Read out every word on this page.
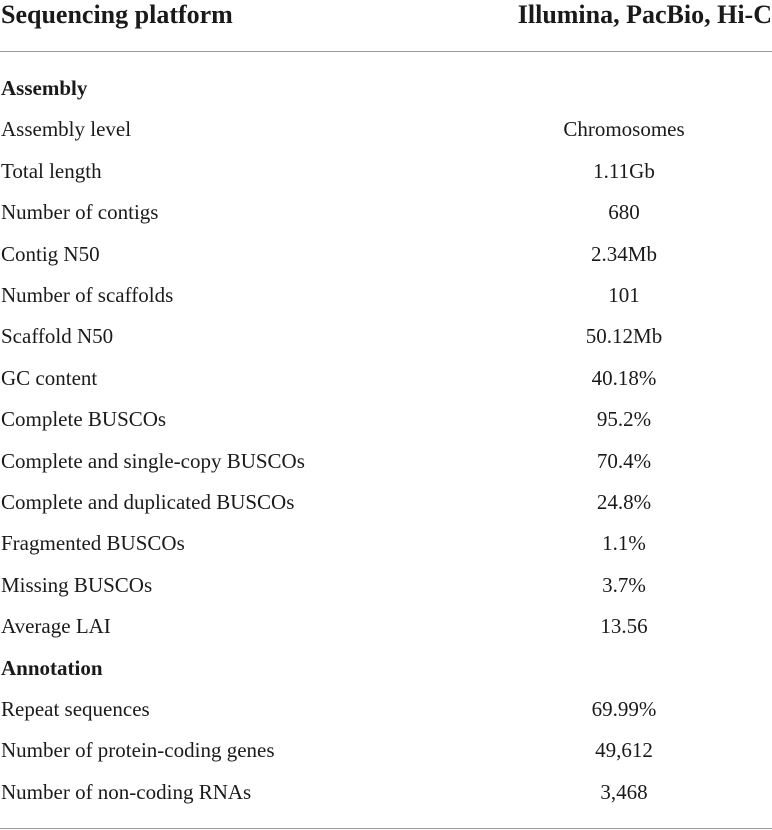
Sequencing platform	Illumina, PacBio, Hi-C
Assembly
Assembly level	Chromosomes
Total length	1.11Gb
Number of contigs	680
Contig N50	2.34Mb
Number of scaffolds	101
Scaffold N50	50.12Mb
GC content	40.18%
Complete BUSCOs	95.2%
Complete and single-copy BUSCOs	70.4%
Complete and duplicated BUSCOs	24.8%
Fragmented BUSCOs	1.1%
Missing BUSCOs	3.7%
Average LAI	13.56
Annotation
Repeat sequences	69.99%
Number of protein-coding genes	49,612
Number of non-coding RNAs	3,468
